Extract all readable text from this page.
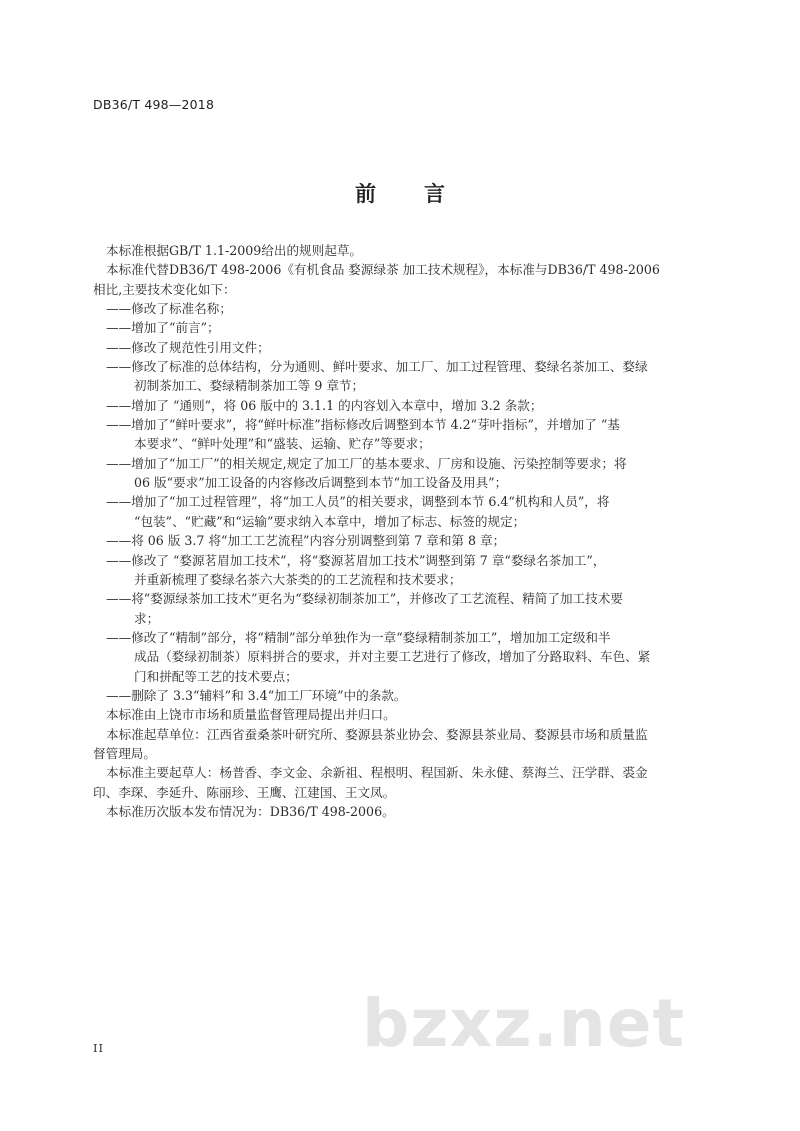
DB36/T 498—2018
前 言
本标准根据GB/T 1.1-2009给出的规则起草。
本标准代替DB36/T 498-2006《有机食品 婺源绿茶 加工技术规程》，本标准与DB36/T 498-2006
相比,主要技术变化如下：
——修改了标准名称；
——增加了“前言”；
——修改了规范性引用文件；
——修改了标准的总体结构，分为通则、鲜叶要求、加工厂、加工过程管理、婺绿名茶加工、婺绿
初制茶加工、婺绿精制茶加工等 9 章节；
——增加了 “通则”，将 06 版中的 3.1.1 的内容划入本章中，增加 3.2 条款；
——增加了“鲜叶要求”，将“鲜叶标准”指标修改后调整到本节 4.2“芽叶指标”，并增加了 “基
本要求”、“鲜叶处理”和“盛装、运输、贮存”等要求；
——增加了“加工厂”的相关规定,规定了加工厂的基本要求、厂房和设施、污染控制等要求；将
06 版“要求”加工设备的内容修改后调整到本节“加工设备及用具”；
——增加了“加工过程管理”，将“加工人员”的相关要求，调整到本节 6.4“机构和人员”，将
“包装”、“贮藏”和“运输”要求纳入本章中，增加了标志、标签的规定；
——将 06 版 3.7 将“加工工艺流程”内容分别调整到第 7 章和第 8 章；
——修改了 “婺源茗眉加工技术”，将“婺源茗眉加工技术”调整到第 7 章“婺绿名茶加工”，
并重新梳理了婺绿名茶六大茶类的的工艺流程和技术要求；
——将“婺源绿茶加工技术”更名为“婺绿初制茶加工”，并修改了工艺流程、精简了加工技术要
求；
——修改了“精制”部分，将“精制”部分单独作为一章“婺绿精制茶加工”，增加加工定级和半
成品（婺绿初制茶）原料拼合的要求，并对主要工艺进行了修改，增加了分路取料、车色、紧
门和拼配等工艺的技术要点；
——删除了 3.3“辅料”和 3.4“加工厂环境”中的条款。
本标准由上饶市市场和质量监督管理局提出并归口。
本标准起草单位：江西省蚕桑茶叶研究所、婺源县茶业协会、婺源县茶业局、婺源县市场和质量监
督管理局。
本标准主要起草人：杨普香、李文金、余新祖、程根明、程国新、朱永健、蔡海兰、汪学群、裘金
印、李琛、李延升、陈丽珍、王鹰、江建国、王文凤。
本标准历次版本发布情况为：DB36/T 498-2006。
II	bzxz.net
